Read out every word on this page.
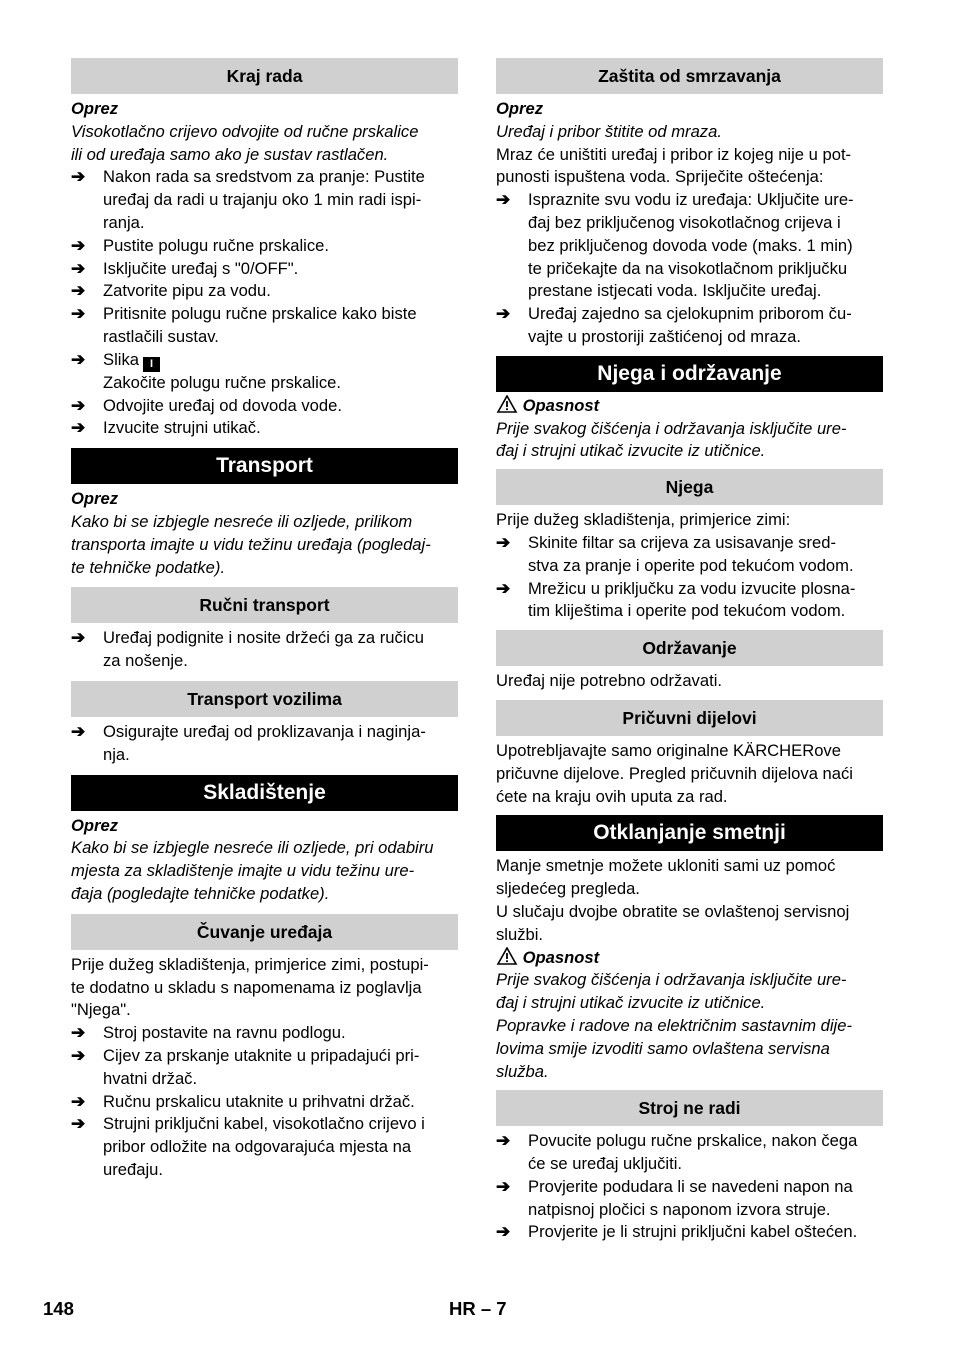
Kraj rada
Oprez

Visokotlačno crijevo odvojite od ručne prskalice

ili od uređaja samo ako je sustav rastlačen.

➔ Nakon rada sa sredstvom za pranje: Pustite
uređaj da radi u trajanju oko 1 min radi ispi-
ranja.
➔ Pustite polugu ručne prskalice.
➔ Isključite uređaj s "0/OFF".
➔ Zatvorite pipu za vodu.
➔ Pritisnite polugu ručne prskalice kako biste
rastlačili sustav.
➔ Slika I
Zakočite polugu ručne prskalice.
➔ Odvojite uređaj od dovoda vode.
➔ Izvucite strujni utikač.
Transport
Oprez

Kako bi se izbjegle nesreće ili ozljede, prilikom

transporta imajte u vidu težinu uređaja (pogledaj-

te tehničke podatke).

Ručni transport
➔ Uređaj podignite i nosite držeći ga za ručicu
za nošenje.
Transport vozilima
➔ Osigurajte uređaj od proklizavanja i naginja-
nja.
Skladištenje
Oprez

Kako bi se izbjegle nesreće ili ozljede, pri odabiru

mjesta za skladištenje imajte u vidu težinu ure-

đaja (pogledajte tehničke podatke).

Čuvanje uređaja

Prije dužeg skladištenja, primjerice zimi, postupi-

te dodatno u skladu s napomenama iz poglavlja

"Njega".

➔ Stroj postavite na ravnu podlogu.
➔ Cijev za prskanje utaknite u pripadajući pri-
hvatni držač.
➔ Ručnu prskalicu utaknite u prihvatni držač.
➔ Strujni priključni kabel, visokotlačno crijevo i
pribor odložite na odgovarajuća mjesta na
uređaju.
Zaštita od smrzavanja
Oprez

Uređaj i pribor štitite od mraza.

Mraz će uništiti uređaj i pribor iz kojeg nije u pot-

punosti ispuštena voda. Spriječite oštećenja:

➔ Ispraznite svu vodu iz uređaja: Uključite ure-
đaj bez priključenog visokotlačnog crijeva i
bez priključenog dovoda vode (maks. 1 min)
te pričekajte da na visokotlačnom priključku
prestane istjecati voda. Isključite uređaj.
➔ Uređaj zajedno sa cjelokupnim priborom ču-
vajte u prostoriji zaštićenoj od mraza.
Njega i održavanje
Opasnost

Prije svakog čišćenja i održavanja isključite ure-

đaj i strujni utikač izvucite iz utičnice.

Njega

Prije dužeg skladištenja, primjerice zimi:

➔ Skinite filtar sa crijeva za usisavanje sred-
stva za pranje i operite pod tekućom vodom.
➔ Mrežicu u priključku za vodu izvucite plosna-
tim kliještima i operite pod tekućom vodom.
Održavanje

Uređaj nije potrebno održavati.

Pričuvni dijelovi

Upotrebljavajte samo originalne KÄRCHERove

pričuvne dijelove. Pregled pričuvnih dijelova naći

ćete na kraju ovih uputa za rad.

Otklanjanje smetnji

Manje smetnje možete ukloniti sami uz pomoć

sljedećeg pregleda.

U slučaju dvojbe obratite se ovlaštenoj servisnoj

službi.

Opasnost

Prije svakog čišćenja i održavanja isključite ure-

đaj i strujni utikač izvucite iz utičnice.

Popravke i radove na električnim sastavnim dije-

lovima smije izvoditi samo ovlaštena servisna

služba.

Stroj ne radi
➔ Povucite polugu ručne prskalice, nakon čega
će se uređaj uključiti.
➔ Provjerite podudara li se navedeni napon na
natpisnoj pločici s naponom izvora struje.
➔ Provjerite je li strujni priključni kabel oštećen.
148	HR – 7
